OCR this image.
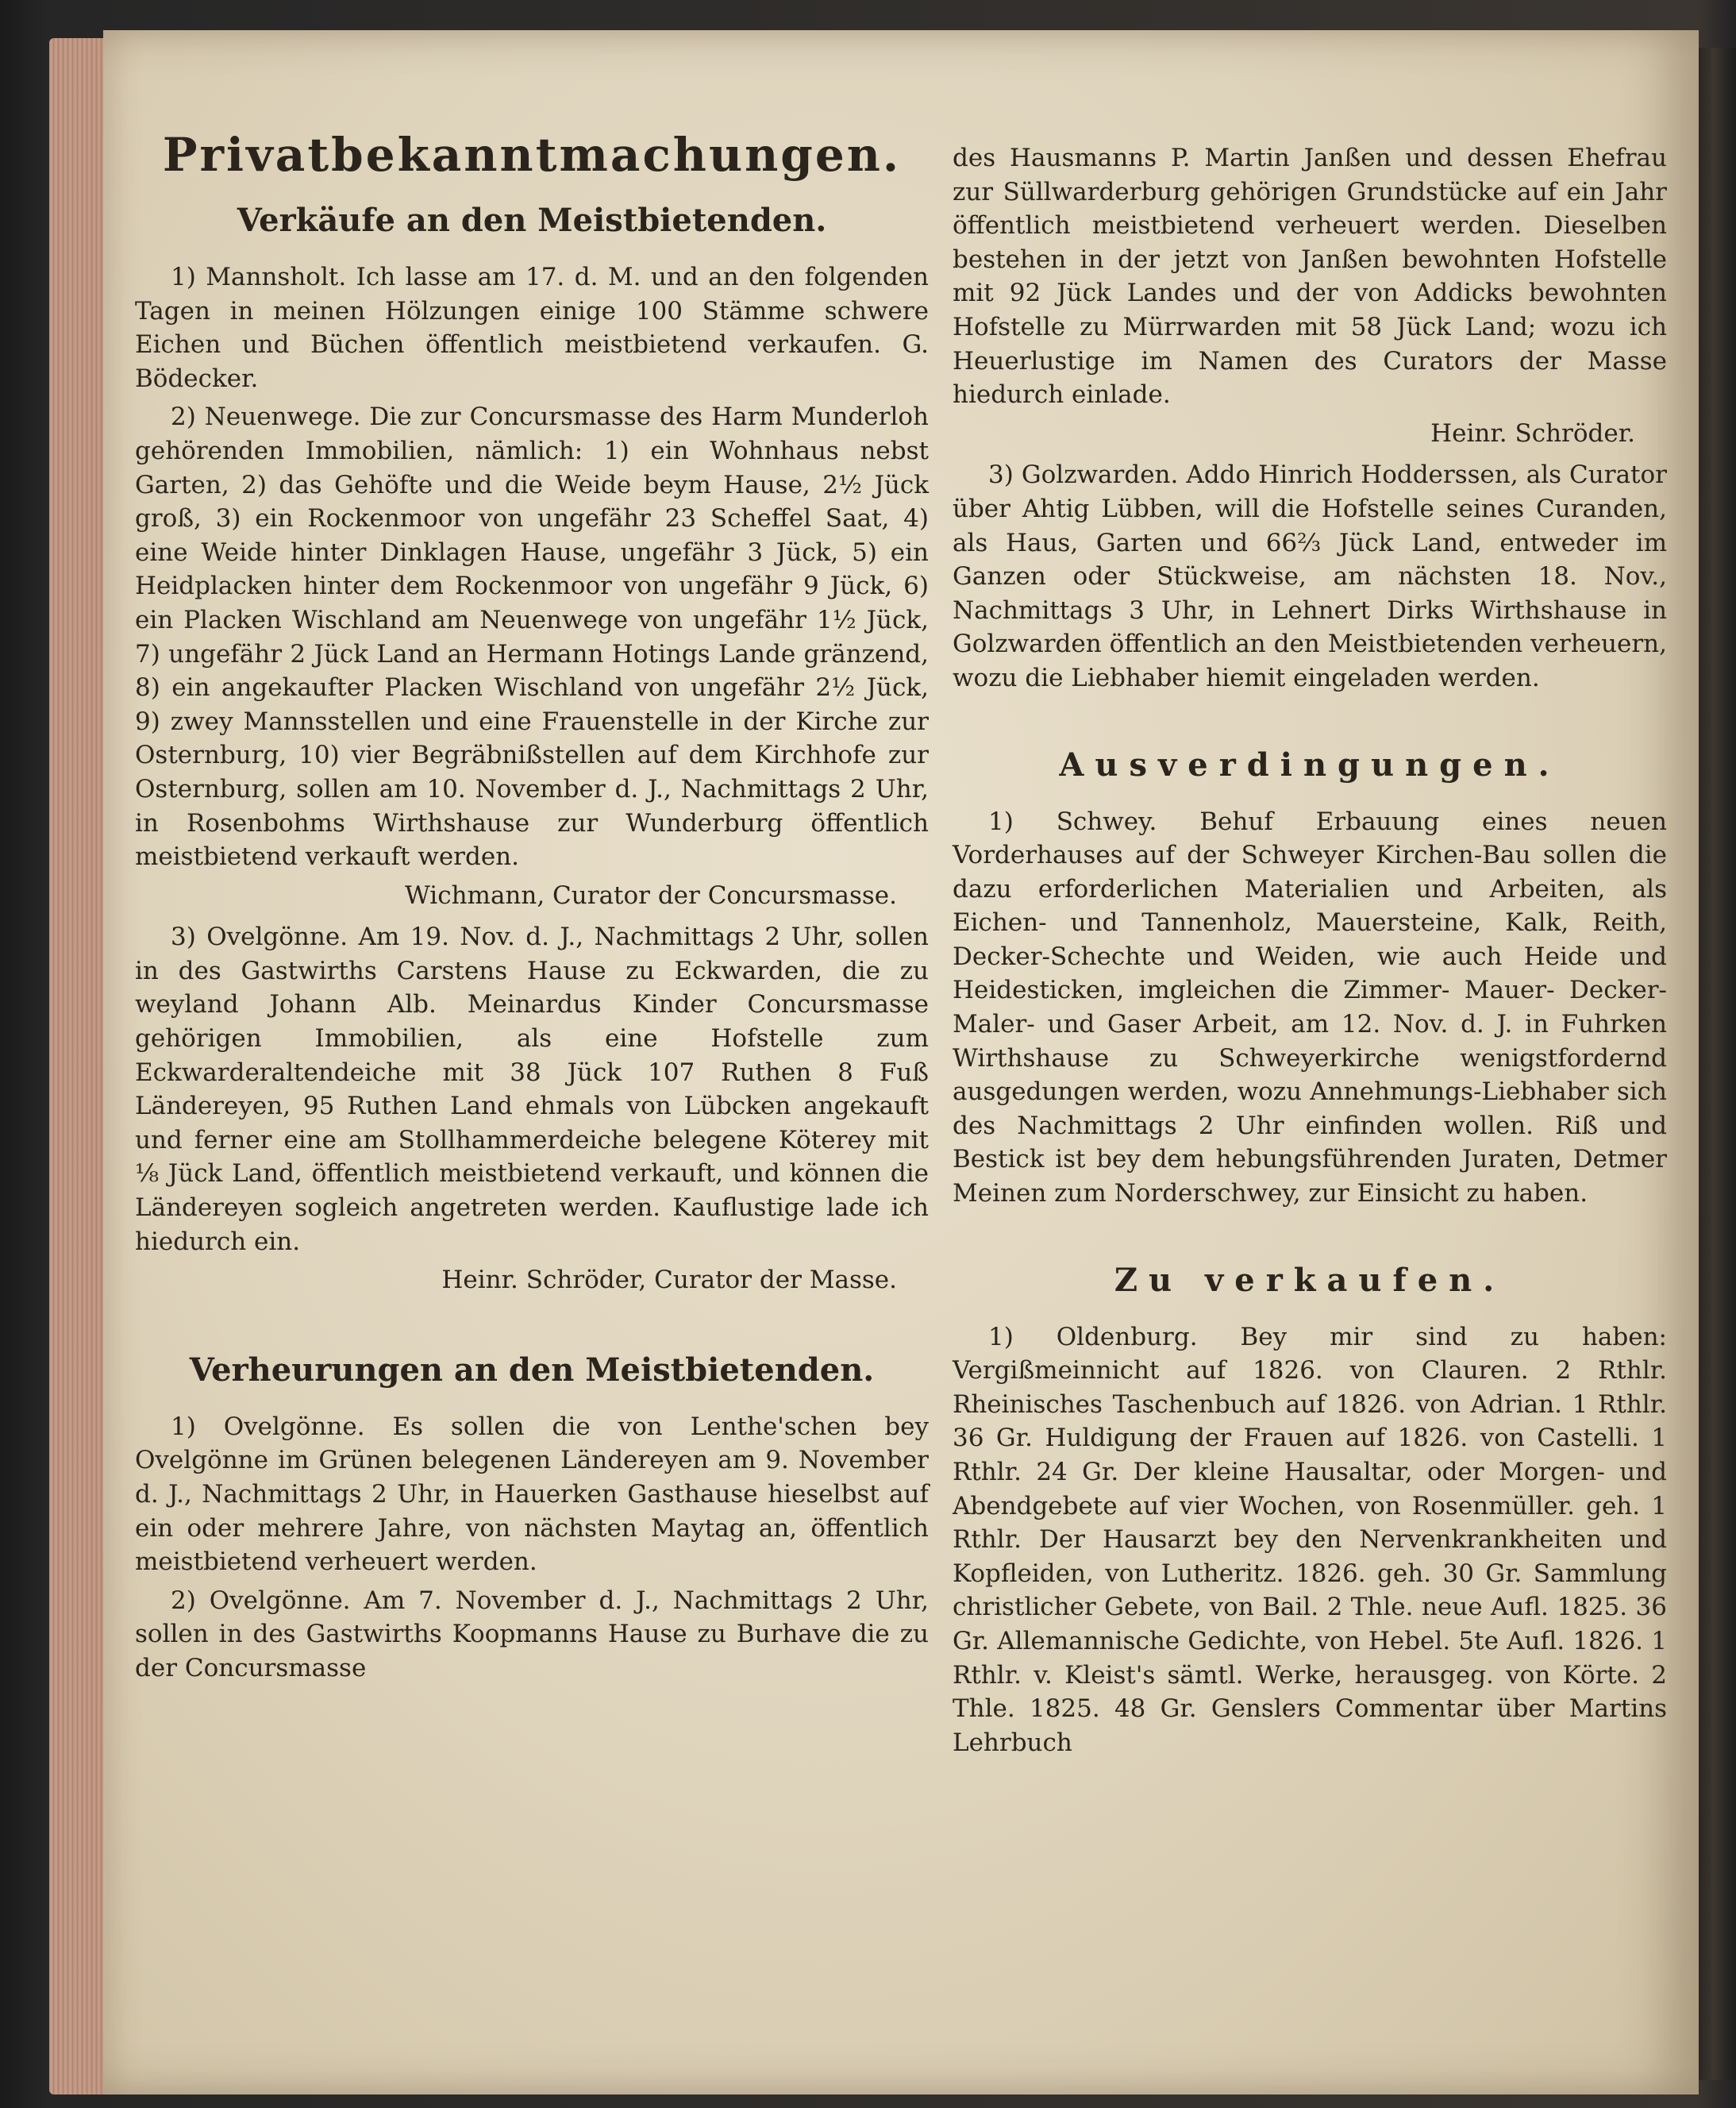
Privatbekanntmachungen.
Verkäufe an den Meistbietenden.

1) Mannsholt. Ich lasse am 17. d. M. und an den folgenden Tagen in meinen Hölzungen einige 100 Stämme schwere Eichen und Büchen öffentlich meistbietend verkaufen. G. Bödecker.

2) Neuenwege. Die zur Concursmasse des Harm Munderloh gehörenden Immobilien, nämlich: 1) ein Wohnhaus nebst Garten, 2) das Gehöfte und die Weide beym Hause, 2½ Jück groß, 3) ein Rockenmoor von ungefähr 23 Scheffel Saat, 4) eine Weide hinter Dinklagen Hause, ungefähr 3 Jück, 5) ein Heidplacken hinter dem Rockenmoor von ungefähr 9 Jück, 6) ein Placken Wischland am Neuenwege von ungefähr 1½ Jück, 7) ungefähr 2 Jück Land an Hermann Hotings Lande gränzend, 8) ein angekaufter Placken Wischland von ungefähr 2½ Jück, 9) zwey Mannsstellen und eine Frauenstelle in der Kirche zur Osternburg, 10) vier Begräbnißstellen auf dem Kirchhofe zur Osternburg, sollen am 10. November d. J., Nachmittags 2 Uhr, in Rosenbohms Wirthshause zur Wunderburg öffentlich meistbietend verkauft werden.

Wichmann, Curator der Concursmasse.

3) Ovelgönne. Am 19. Nov. d. J., Nachmittags 2 Uhr, sollen in des Gastwirths Carstens Hause zu Eckwarden, die zu weyland Johann Alb. Meinardus Kinder Concursmasse gehörigen Immobilien, als eine Hofstelle zum Eckwarderaltendeiche mit 38 Jück 107 Ruthen 8 Fuß Ländereyen, 95 Ruthen Land ehmals von Lübcken angekauft und ferner eine am Stollhammerdeiche belegene Köterey mit ⅛ Jück Land, öffentlich meistbietend verkauft, und können die Ländereyen sogleich angetreten werden. Kauflustige lade ich hiedurch ein.

Heinr. Schröder, Curator der Masse.
Verheurungen an den Meistbietenden.

1) Ovelgönne. Es sollen die von Lenthe'schen bey Ovelgönne im Grünen belegenen Ländereyen am 9. November d. J., Nachmittags 2 Uhr, in Hauerken Gasthause hieselbst auf ein oder mehrere Jahre, von nächsten Maytag an, öffentlich meistbietend verheuert werden.

2) Ovelgönne. Am 7. November d. J., Nachmittags 2 Uhr, sollen in des Gastwirths Koopmanns Hause zu Burhave die zu der Concursmasse

des Hausmanns P. Martin Janßen und dessen Ehefrau zur Süllwarderburg gehörigen Grundstücke auf ein Jahr öffentlich meistbietend verheuert werden. Dieselben bestehen in der jetzt von Janßen bewohnten Hofstelle mit 92 Jück Landes und der von Addicks bewohnten Hofstelle zu Mürrwarden mit 58 Jück Land; wozu ich Heuerlustige im Namen des Curators der Masse hiedurch einlade.

Heinr. Schröder.

3) Golzwarden. Addo Hinrich Hodderssen, als Curator über Ahtig Lübben, will die Hofstelle seines Curanden, als Haus, Garten und 66⅔ Jück Land, entweder im Ganzen oder Stückweise, am nächsten 18. Nov., Nachmittags 3 Uhr, in Lehnert Dirks Wirthshause in Golzwarden öffentlich an den Meistbietenden verheuern, wozu die Liebhaber hiemit eingeladen werden.

Ausverdingungen.

1) Schwey. Behuf Erbauung eines neuen Vorderhauses auf der Schweyer Kirchen-Bau sollen die dazu erforderlichen Materialien und Arbeiten, als Eichen- und Tannenholz, Mauersteine, Kalk, Reith, Decker-Schechte und Weiden, wie auch Heide und Heidesticken, imgleichen die Zimmer- Mauer- Decker- Maler- und Gaser Arbeit, am 12. Nov. d. J. in Fuhrken Wirthshause zu Schweyerkirche wenigstfordernd ausgedungen werden, wozu Annehmungs-Liebhaber sich des Nachmittags 2 Uhr einfinden wollen. Riß und Bestick ist bey dem hebungsführenden Juraten, Detmer Meinen zum Norderschwey, zur Einsicht zu haben.

Zu verkaufen.

1) Oldenburg. Bey mir sind zu haben: Vergißmeinnicht auf 1826. von Clauren. 2 Rthlr. Rheinisches Taschenbuch auf 1826. von Adrian. 1 Rthlr. 36 Gr. Huldigung der Frauen auf 1826. von Castelli. 1 Rthlr. 24 Gr. Der kleine Hausaltar, oder Morgen- und Abendgebete auf vier Wochen, von Rosenmüller. geh. 1 Rthlr. Der Hausarzt bey den Nervenkrankheiten und Kopfleiden, von Lutheritz. 1826. geh. 30 Gr. Sammlung christlicher Gebete, von Bail. 2 Thle. neue Aufl. 1825. 36 Gr. Allemannische Gedichte, von Hebel. 5te Aufl. 1826. 1 Rthlr. v. Kleist's sämtl. Werke, herausgeg. von Körte. 2 Thle. 1825. 48 Gr. Genslers Commentar über Martins Lehrbuch
